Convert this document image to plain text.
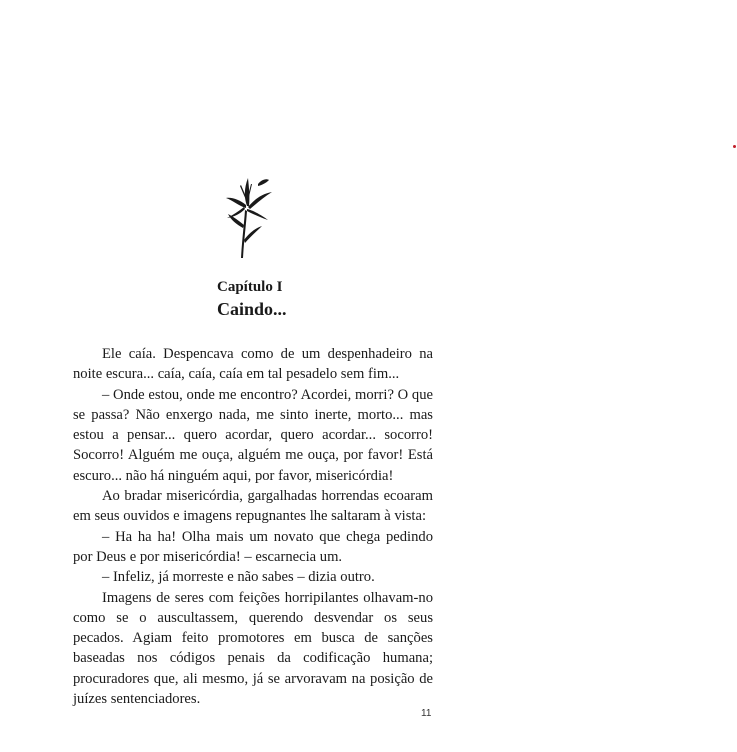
Capítulo I
Caindo...

Ele caía. Despencava como de um despenhadeiro na noite escura... caía, caía, caía em tal pesadelo sem fim...

– Onde estou, onde me encontro? Acordei, morri? O que se passa? Não enxergo nada, me sinto inerte, morto... mas estou a pensar... quero acordar, quero acordar... socorro! Socorro! Alguém me ouça, alguém me ouça, por favor! Está escuro... não há ninguém aqui, por favor, misericórdia!

Ao bradar misericórdia, gargalhadas horrendas ecoaram em seus ouvidos e imagens repugnantes lhe saltaram à vista:

– Ha ha ha! Olha mais um novato que chega pedindo por Deus e por misericórdia! – escarnecia um.

– Infeliz, já morreste e não sabes – dizia outro.

Imagens de seres com feições horripilantes olhavam-no como se o auscultassem, querendo desvendar os seus pecados. Agiam feito promotores em busca de sanções baseadas nos códigos penais da codificação humana; procuradores que, ali mesmo, já se arvoravam na posição de juízes sentenciadores.

11
